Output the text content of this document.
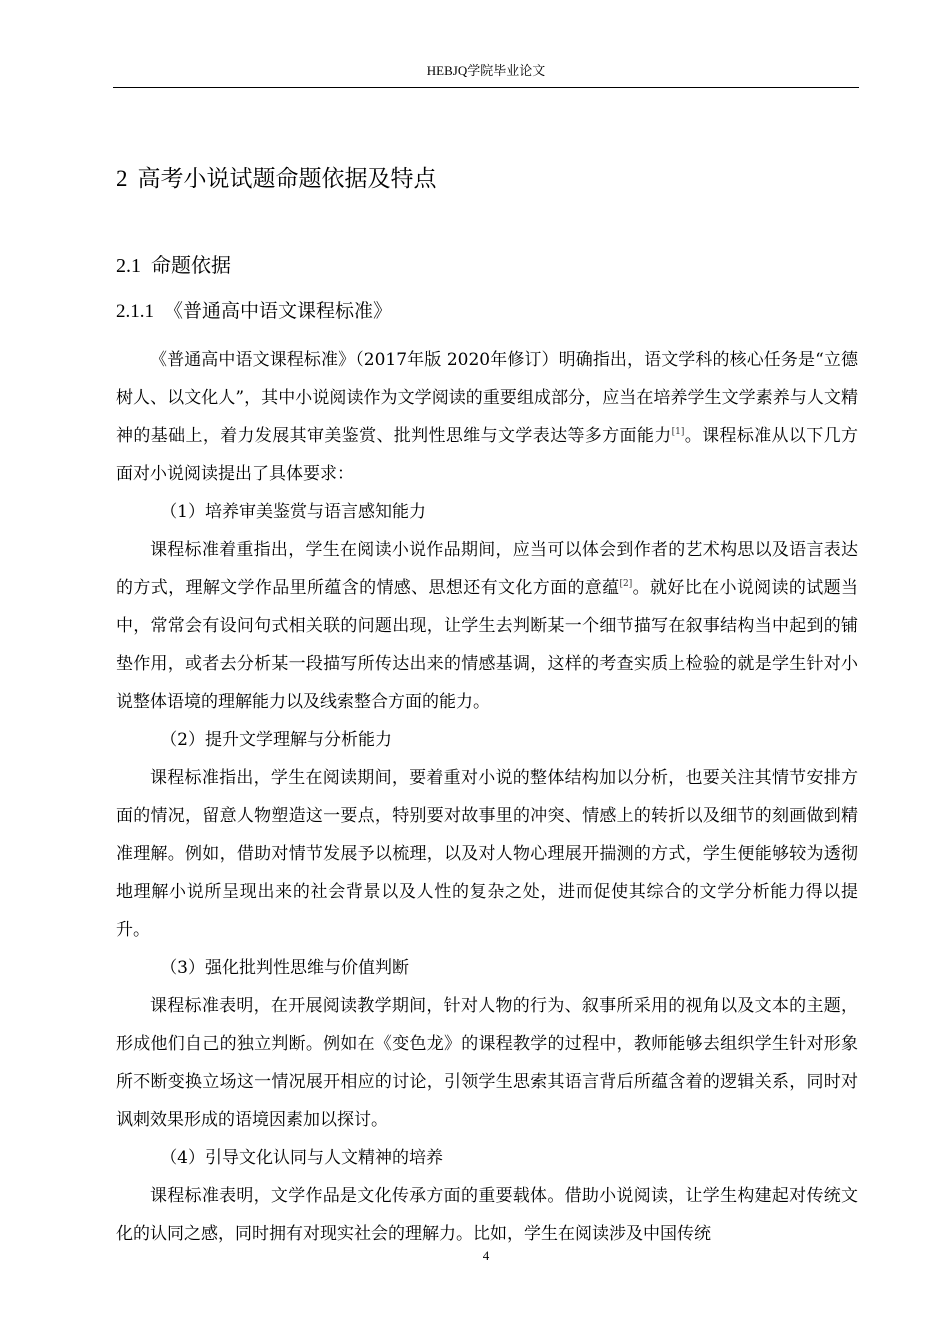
HEBJQ学院毕业论文
2 高考小说试题命题依据及特点
2.1 命题依据
2.1.1 《普通高中语文课程标准》

《普通高中语文课程标准》（2017年版 2020年修订）明确指出，语文学科的核心任务是“立德树人、以文化人”，其中小说阅读作为文学阅读的重要组成部分，应当在培养学生文学素养与人文精神的基础上，着力发展其审美鉴赏、批判性思维与文学表达等多方面能力[1]。课程标准从以下几方面对小说阅读提出了具体要求：

（1）培养审美鉴赏与语言感知能力

课程标准着重指出，学生在阅读小说作品期间，应当可以体会到作者的艺术构思以及语言表达的方式，理解文学作品里所蕴含的情感、思想还有文化方面的意蕴[2]。就好比在小说阅读的试题当中，常常会有设问句式相关联的问题出现，让学生去判断某一个细节描写在叙事结构当中起到的铺垫作用，或者去分析某一段描写所传达出来的情感基调，这样的考查实质上检验的就是学生针对小说整体语境的理解能力以及线索整合方面的能力。

（2）提升文学理解与分析能力

课程标准指出，学生在阅读期间，要着重对小说的整体结构加以分析，也要关注其情节安排方面的情况，留意人物塑造这一要点，特别要对故事里的冲突、情感上的转折以及细节的刻画做到精准理解。例如，借助对情节发展予以梳理，以及对人物心理展开揣测的方式，学生便能够较为透彻地理解小说所呈现出来的社会背景以及人性的复杂之处，进而促使其综合的文学分析能力得以提升。

（3）强化批判性思维与价值判断

课程标准表明，在开展阅读教学期间，针对人物的行为、叙事所采用的视角以及文本的主题，形成他们自己的独立判断。例如在《变色龙》的课程教学的过程中，教师能够去组织学生针对形象所不断变换立场这一情况展开相应的讨论，引领学生思索其语言背后所蕴含着的逻辑关系，同时对讽刺效果形成的语境因素加以探讨。

（4）引导文化认同与人文精神的培养

课程标准表明，文学作品是文化传承方面的重要载体。借助小说阅读，让学生构建起对传统文化的认同之感，同时拥有对现实社会的理解力。比如，学生在阅读涉及中国传统

4
